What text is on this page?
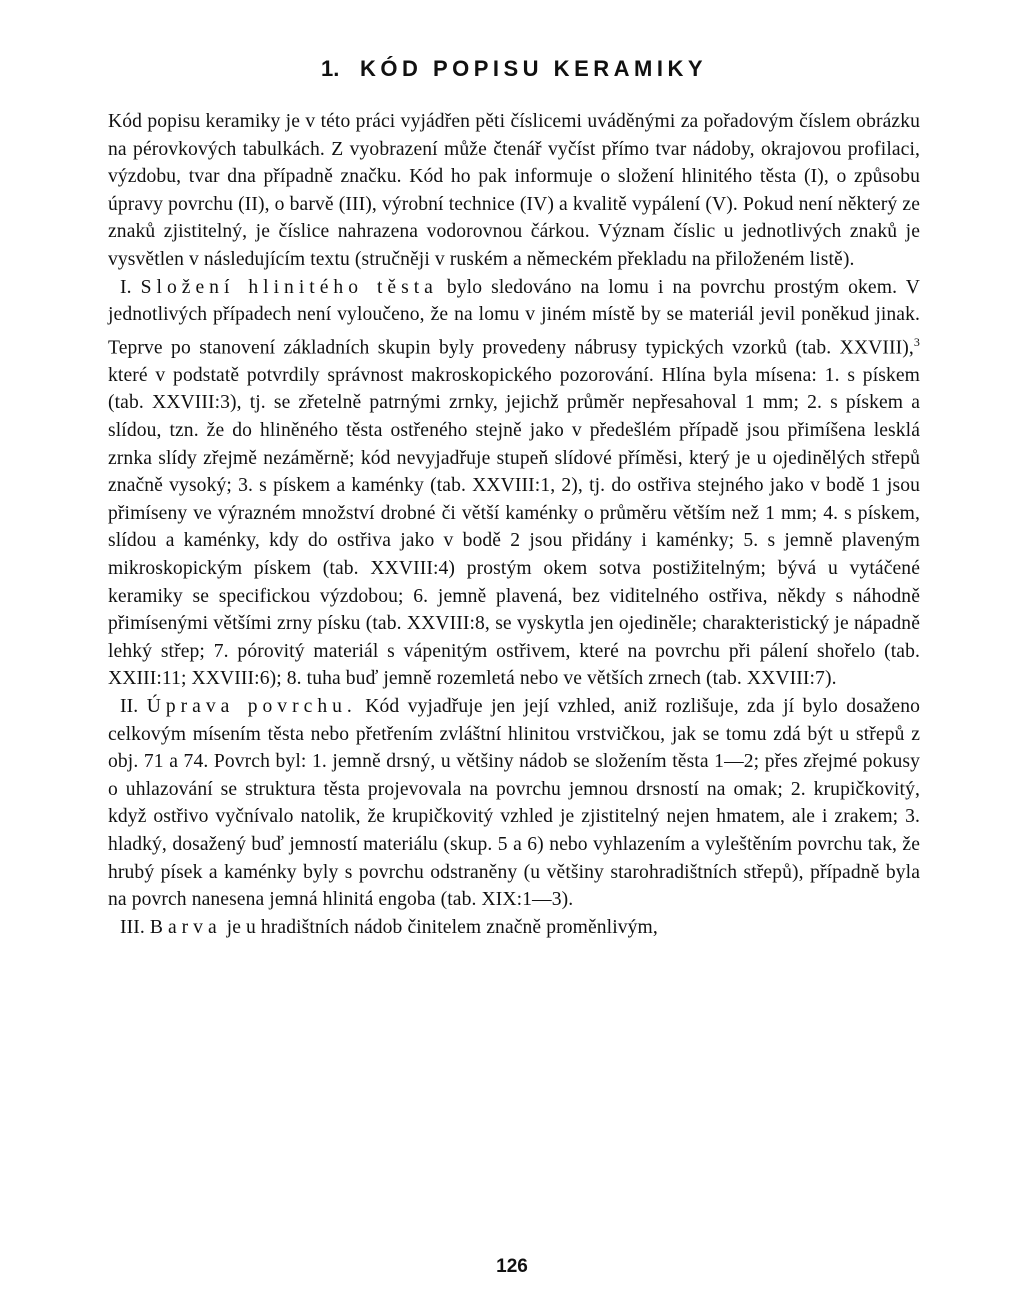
1. KÓD POPISU KERAMIKY

Kód popisu keramiky je v této práci vyjádřen pěti číslicemi uváděnými za pořadovým číslem obrázku na pérovkových tabulkách. Z vyobrazení může čtenář vyčíst přímo tvar nádoby, okrajovou profilaci, výzdobu, tvar dna případně značku. Kód ho pak informuje o složení hlinitého těsta (I), o způsobu úpravy povrchu (II), o barvě (III), výrobní technice (IV) a kvalitě vypálení (V). Pokud není některý ze znaků zjistitelný, je číslice nahrazena vodorovnou čárkou. Význam číslic u jednotlivých znaků je vysvětlen v následujícím textu (stručněji v ruském a německém překladu na přiloženém listě).

I. Složení hlinitého těsta bylo sledováno na lomu i na povrchu prostým okem. V jednotlivých případech není vyloučeno, že na lomu v jiném místě by se materiál jevil poněkud jinak. Teprve po stanovení základních skupin byly provedeny nábrusy typických vzorků (tab. XXVIII),$^3$ které v podstatě potvrdily správnost makroskopického pozorování. Hlína byla mísena: 1. s pískem (tab. XXVIII:3), tj. se zřetelně patrnými zrnky, jejichž průměr nepřesahoval 1 mm; 2. s pískem a slídou, tzn. že do hliněného těsta ostřeného stejně jako v předešlém případě jsou přimíšena lesklá zrnka slídy zřejmě nezáměrně; kód nevyjadřuje stupeň slídové příměsi, který je u ojedinělých střepů značně vysoký; 3. s pískem a kaménky (tab. XXVIII:1, 2), tj. do ostřiva stejného jako v bodě 1 jsou přimíseny ve výrazném množství drobné či větší kaménky o průměru větším než 1 mm; 4. s pískem, slídou a kaménky, kdy do ostřiva jako v bodě 2 jsou přidány i kaménky; 5. s jemně plaveným mikroskopickým pískem (tab. XXVIII:4) prostým okem sotva postižitelným; bývá u vytáčené keramiky se specifickou výzdobou; 6. jemně plavená, bez viditelného ostřiva, někdy s náhodně přimísenými většími zrny písku (tab. XXVIII:8, se vyskytla jen ojediněle; charakteristický je nápadně lehký střep; 7. pórovitý materiál s vápenitým ostřivem, které na povrchu při pálení shořelo (tab. XXIII:11; XXVIII:6); 8. tuha buď jemně rozemletá nebo ve větších zrnech (tab. XXVIII:7).

II. Úprava povrchu. Kód vyjadřuje jen její vzhled, aniž rozlišuje, zda jí bylo dosaženo celkovým mísením těsta nebo přetřením zvláštní hlinitou vrstvičkou, jak se tomu zdá být u střepů z obj. 71 a 74. Povrch byl: 1. jemně drsný, u většiny nádob se složením těsta 1—2; přes zřejmé pokusy o uhlazování se struktura těsta projevovala na povrchu jemnou drsností na omak; 2. krupičkovitý, když ostřivo vyčnívalo natolik, že krupičkovitý vzhled je zjistitelný nejen hmatem, ale i zrakem; 3. hladký, dosažený buď jemností materiálu (skup. 5 a 6) nebo vyhlazením a vyleštěním povrchu tak, že hrubý písek a kaménky byly s povrchu odstraněny (u většiny starohradištních střepů), případně byla na povrch nanesena jemná hlinitá engoba (tab. XIX:1—3).

III. Barva je u hradištních nádob činitelem značně proměnlivým,

126
